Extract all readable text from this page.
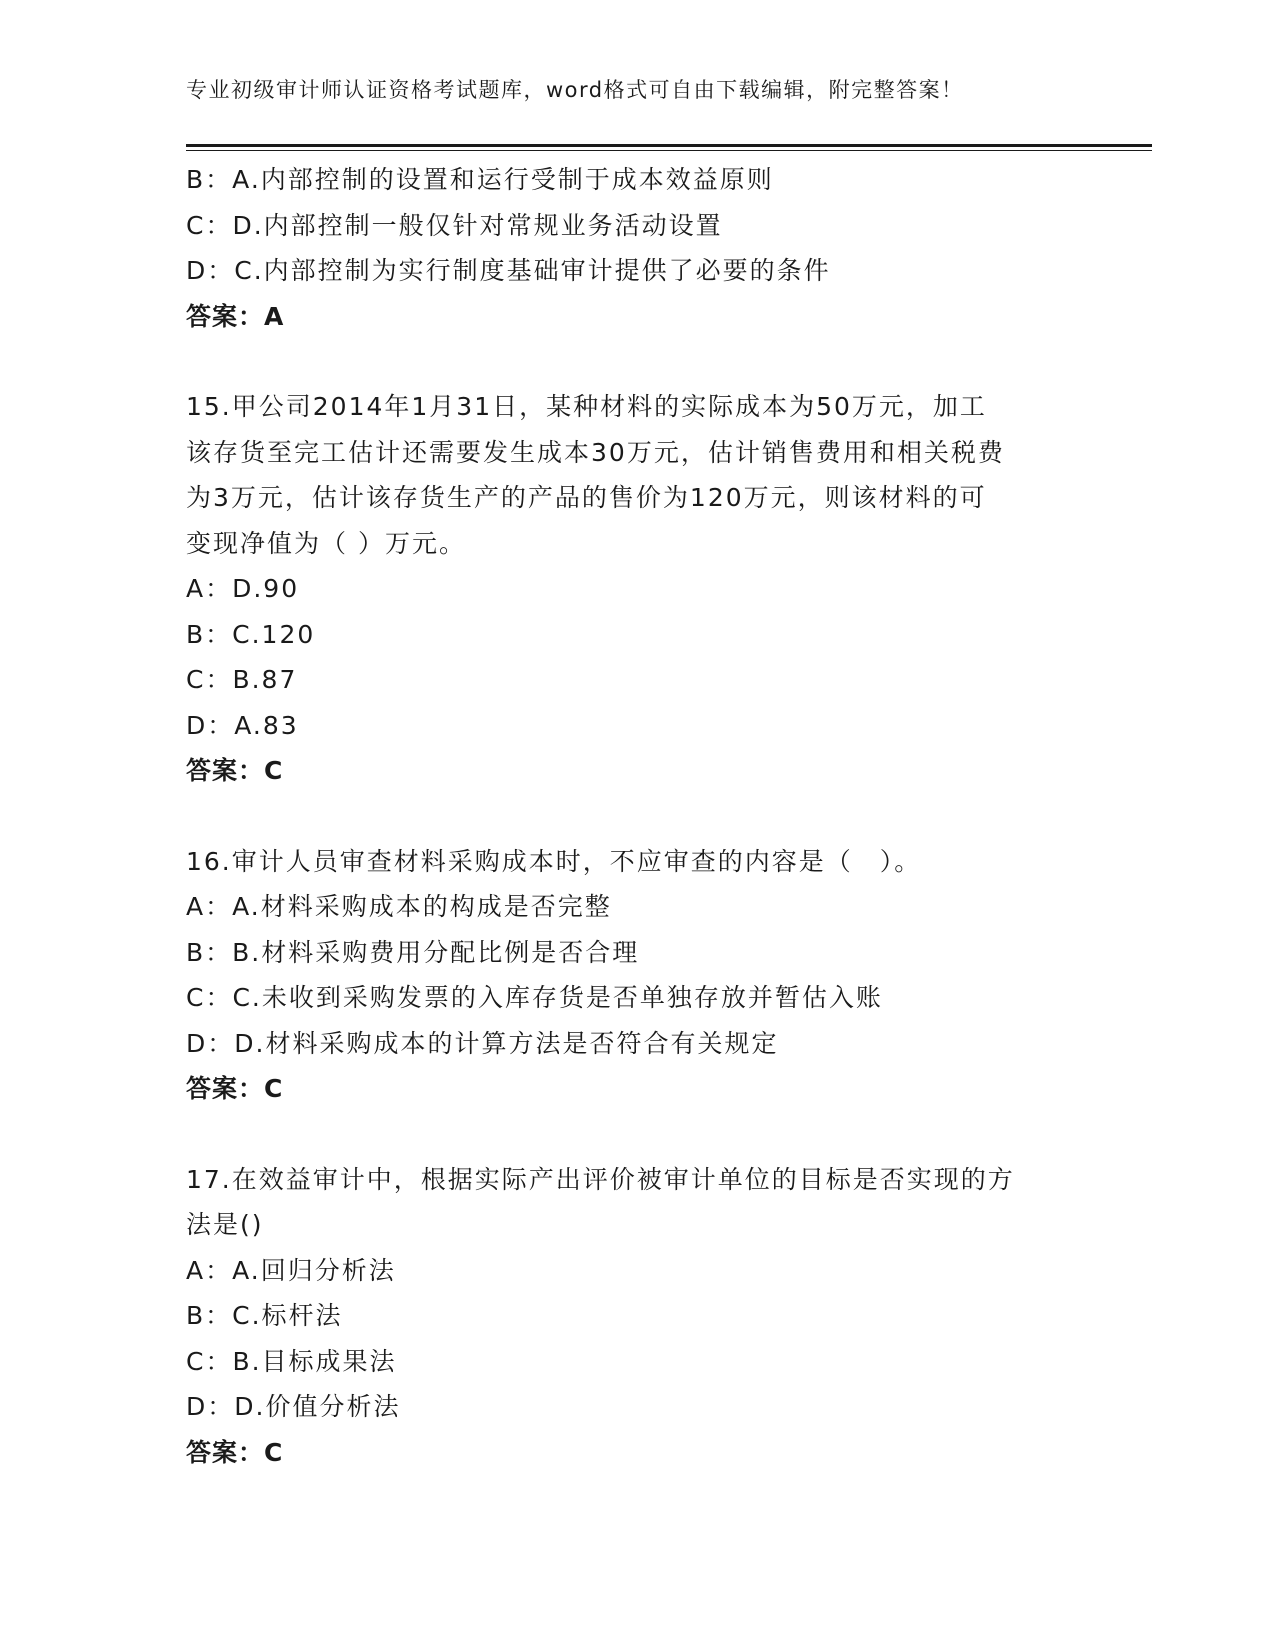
专业初级审计师认证资格考试题库，word格式可自由下载编辑，附完整答案！
B：A.内部控制的设置和运行受制于成本效益原则
C：D.内部控制一般仅针对常规业务活动设置
D：C.内部控制为实行制度基础审计提供了必要的条件
答案：A
15.甲公司2014年1月31日，某种材料的实际成本为50万元，加工
该存货至完工估计还需要发生成本30万元，估计销售费用和相关税费
为3万元，估计该存货生产的产品的售价为120万元，则该材料的可
变现净值为（ ）万元。
A：D.90
B：C.120
C：B.87
D：A.83
答案：C
16.审计人员审查材料采购成本时，不应审查的内容是（　）。
A：A.材料采购成本的构成是否完整
B：B.材料采购费用分配比例是否合理
C：C.未收到采购发票的入库存货是否单独存放并暂估入账
D：D.材料采购成本的计算方法是否符合有关规定
答案：C
17.在效益审计中，根据实际产出评价被审计单位的目标是否实现的方
法是()
A：A.回归分析法
B：C.标杆法
C：B.目标成果法
D：D.价值分析法
答案：C
